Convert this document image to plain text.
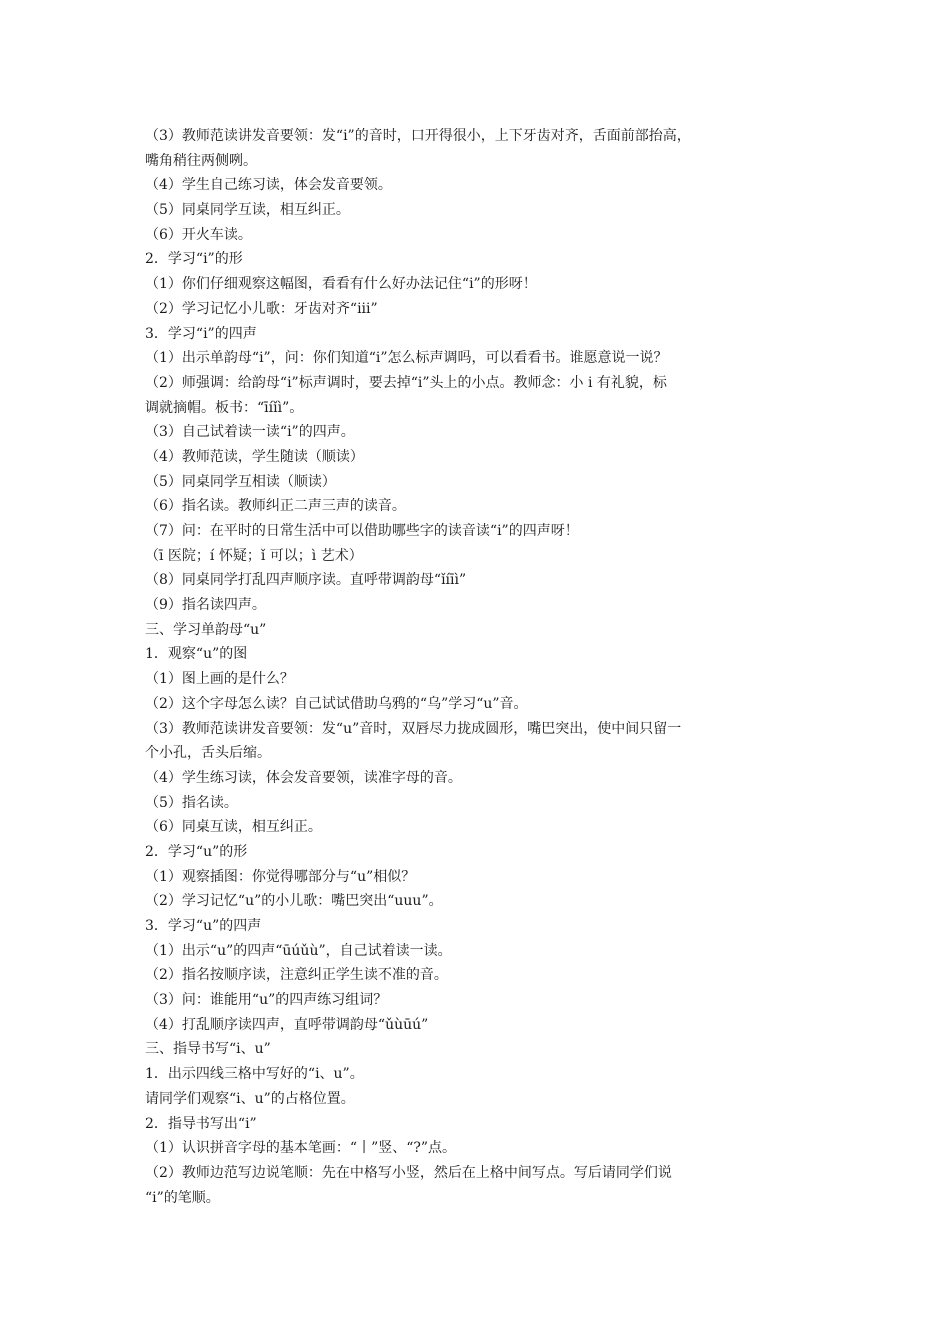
（3）教师范读讲发音要领：发“i”的音时，口开得很小，上下牙齿对齐，舌面前部抬高，
嘴角稍往两侧咧。
（4）学生自己练习读，体会发音要领。
（5）同桌同学互读，相互纠正。
（6）开火车读。
2．学习“i”的形
（1）你们仔细观察这幅图，看看有什么好办法记住“i”的形呀！
（2）学习记忆小儿歌：牙齿对齐“iii”
3．学习“i”的四声
（1）出示单韵母“i”，问：你们知道“i”怎么标声调吗，可以看看书。谁愿意说一说？
（2）师强调：给韵母“i”标声调时，要去掉“i”头上的小点。教师念：小 i 有礼貌，标
调就摘帽。板书：“īíǐì”。
（3）自己试着读一读“i”的四声。
（4）教师范读，学生随读（顺读）
（5）同桌同学互相读（顺读）
（6）指名读。教师纠正二声三声的读音。
（7）问：在平时的日常生活中可以借助哪些字的读音读“i”的四声呀！
（ī 医院；í 怀疑；ǐ 可以；ì 艺术）
（8）同桌同学打乱四声顺序读。直呼带调韵母“ǐíīì”
（9）指名读四声。
三、学习单韵母“u”
1．观察“u”的图
（1）图上画的是什么？
（2）这个字母怎么读？自己试试借助乌鸦的“乌”学习“u”音。
（3）教师范读讲发音要领：发“u”音时，双唇尽力拢成圆形，嘴巴突出，使中间只留一
个小孔，舌头后缩。
（4）学生练习读，体会发音要领，读准字母的音。
（5）指名读。
（6）同桌互读，相互纠正。
2．学习“u”的形
（1）观察插图：你觉得哪部分与“u”相似？
（2）学习记忆“u”的小儿歌：嘴巴突出“uuu”。
3．学习“u”的四声
（1）出示“u”的四声“ūúǔù”，自己试着读一读。
（2）指名按顺序读，注意纠正学生读不准的音。
（3）问：谁能用“u”的四声练习组词？
（4）打乱顺序读四声，直呼带调韵母“ǔùūú”
三、指导书写“i、u”
1．出示四线三格中写好的“i、u”。
请同学们观察“i、u”的占格位置。
2．指导书写出“i”
（1）认识拼音字母的基本笔画：“丨”竖、“?”点。
（2）教师边范写边说笔顺：先在中格写小竖，然后在上格中间写点。写后请同学们说
“i”的笔顺。
